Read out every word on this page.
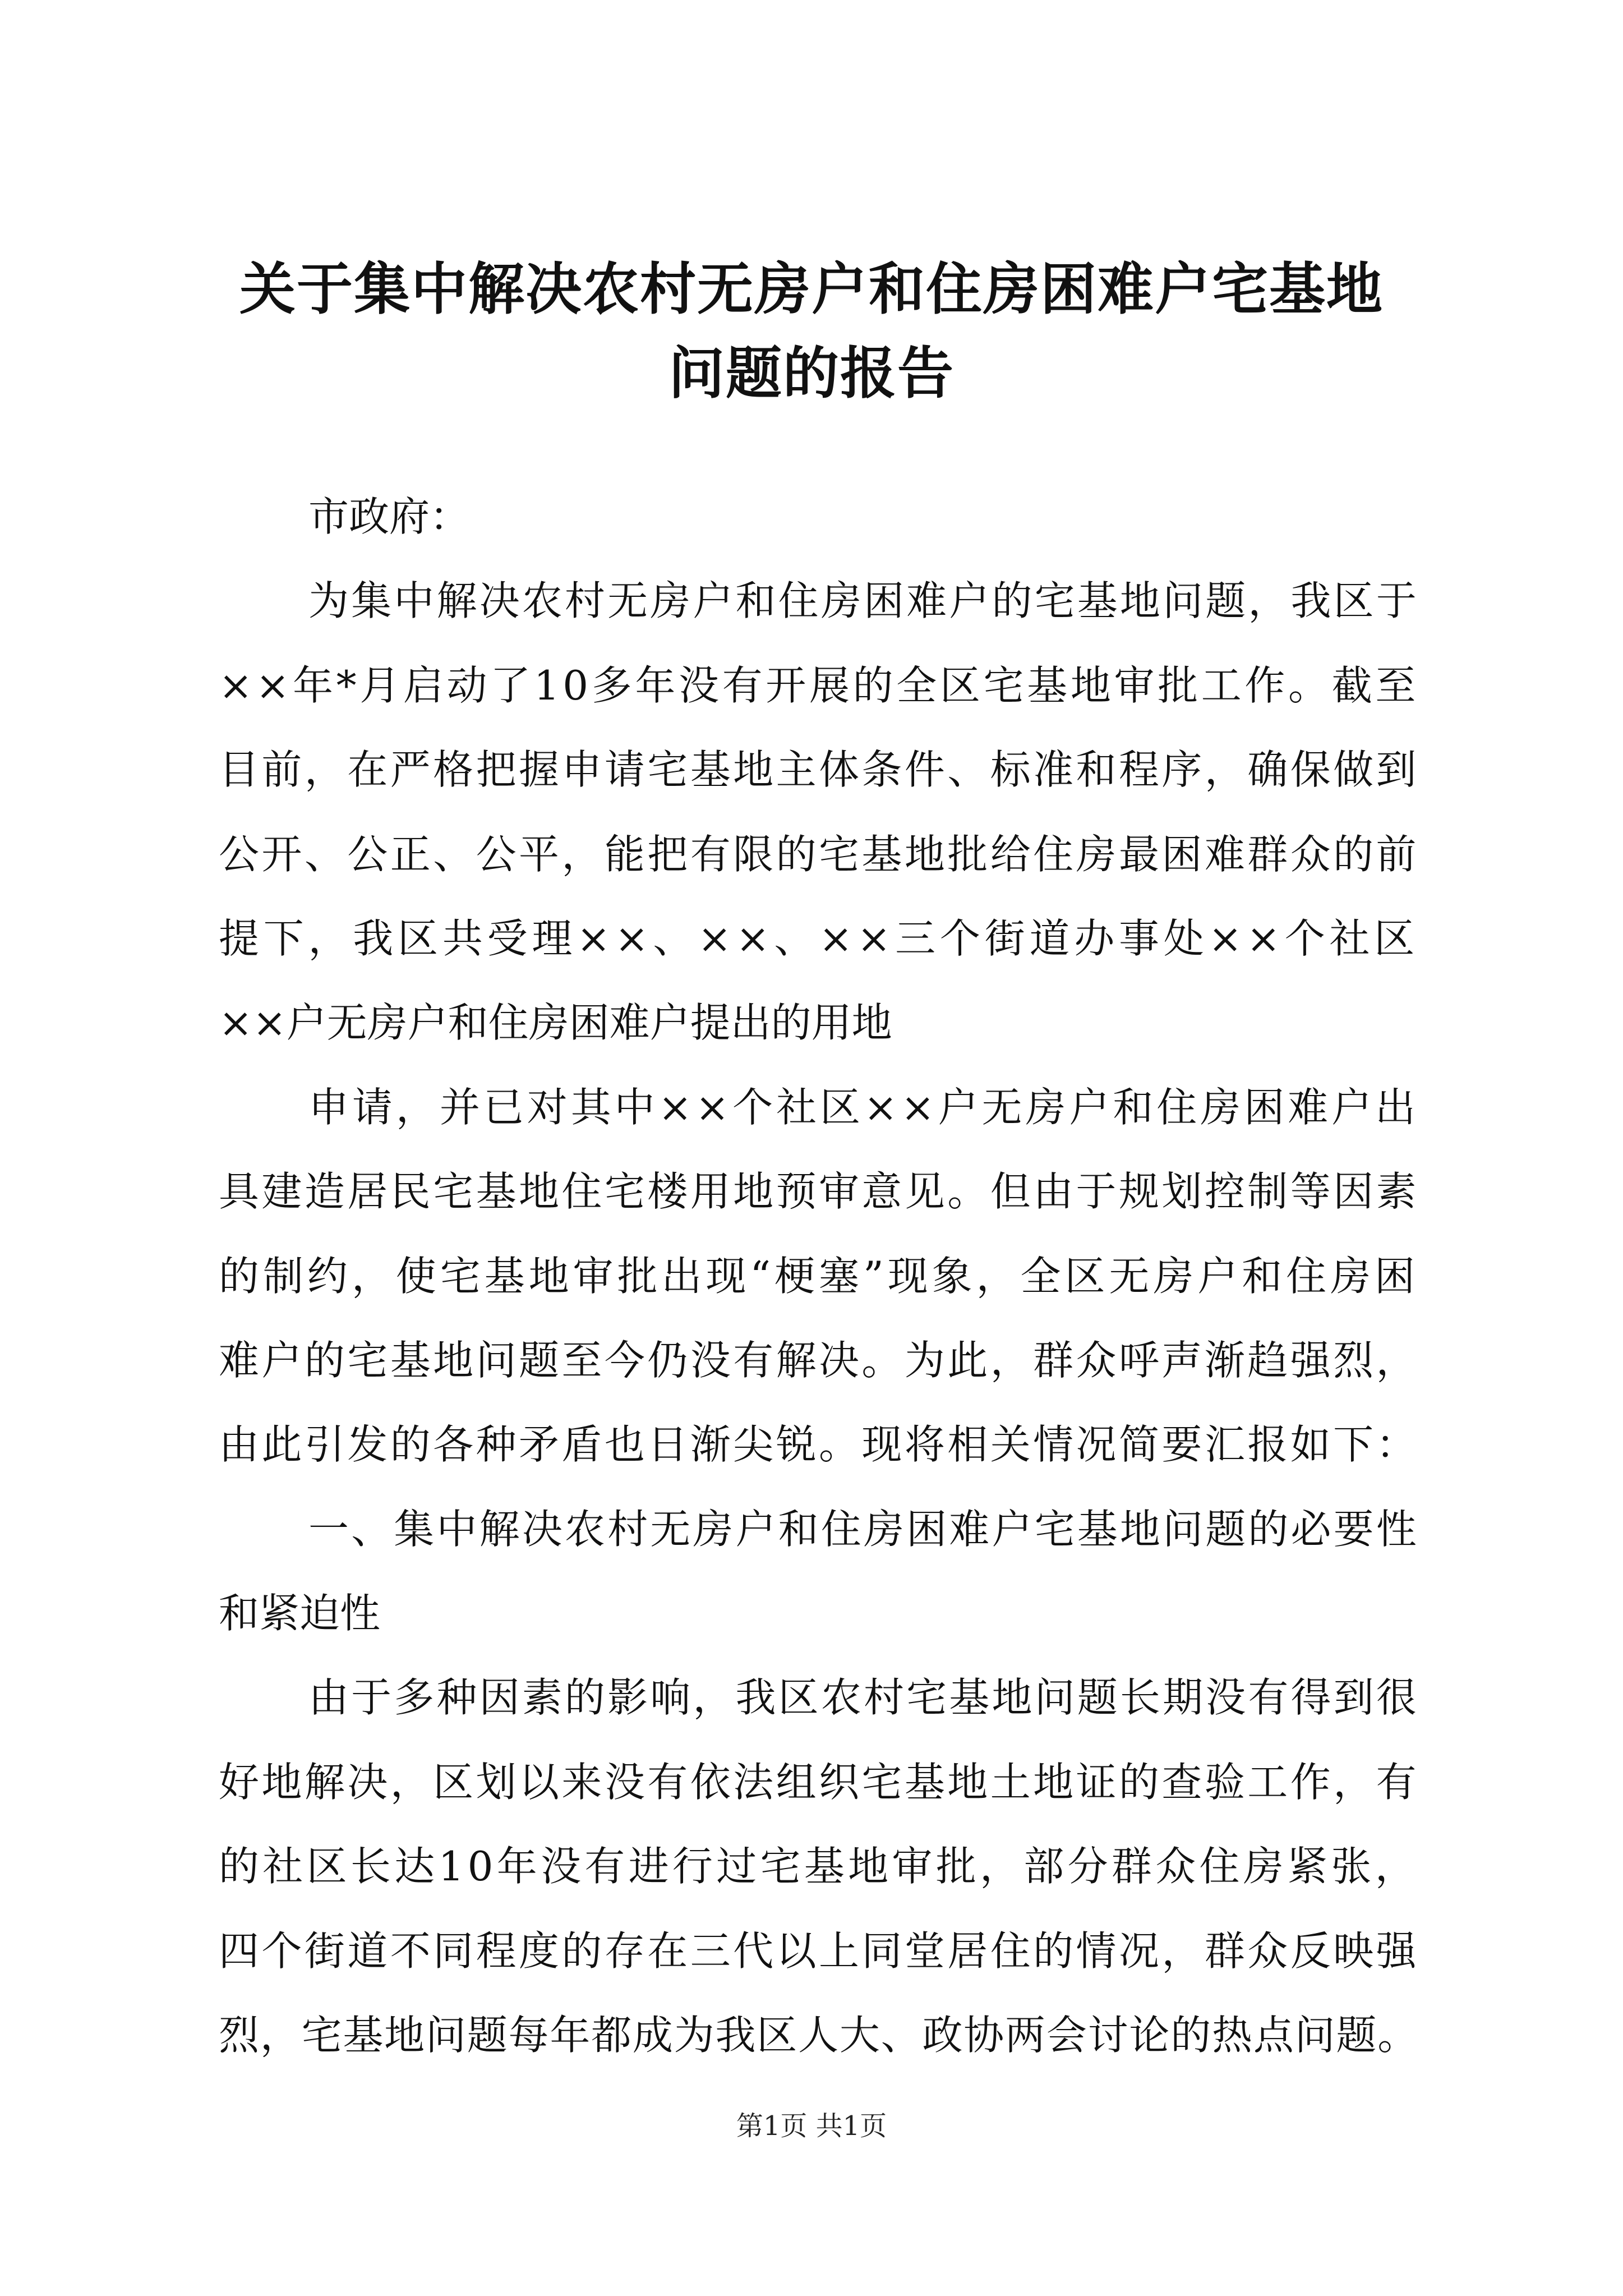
关于集中解决农村无房户和住房困难户宅基地
问题的报告
市政府：
为集中解决农村无房户和住房困难户的宅基地问题，我区于
××年*月启动了10多年没有开展的全区宅基地审批工作。截至
目前，在严格把握申请宅基地主体条件、标准和程序，确保做到
公开、公正、公平，能把有限的宅基地批给住房最困难群众的前
提下，我区共受理××、××、××三个街道办事处××个社区
××户无房户和住房困难户提出的用地
申请，并已对其中××个社区××户无房户和住房困难户出
具建造居民宅基地住宅楼用地预审意见。但由于规划控制等因素
的制约，使宅基地审批出现“梗塞”现象，全区无房户和住房困
难户的宅基地问题至今仍没有解决。为此，群众呼声渐趋强烈，
由此引发的各种矛盾也日渐尖锐。现将相关情况简要汇报如下：
一、集中解决农村无房户和住房困难户宅基地问题的必要性
和紧迫性
由于多种因素的影响，我区农村宅基地问题长期没有得到很
好地解决，区划以来没有依法组织宅基地土地证的查验工作，有
的社区长达10年没有进行过宅基地审批，部分群众住房紧张，
四个街道不同程度的存在三代以上同堂居住的情况，群众反映强
烈，宅基地问题每年都成为我区人大、政协两会讨论的热点问题。
第1页 共1页
